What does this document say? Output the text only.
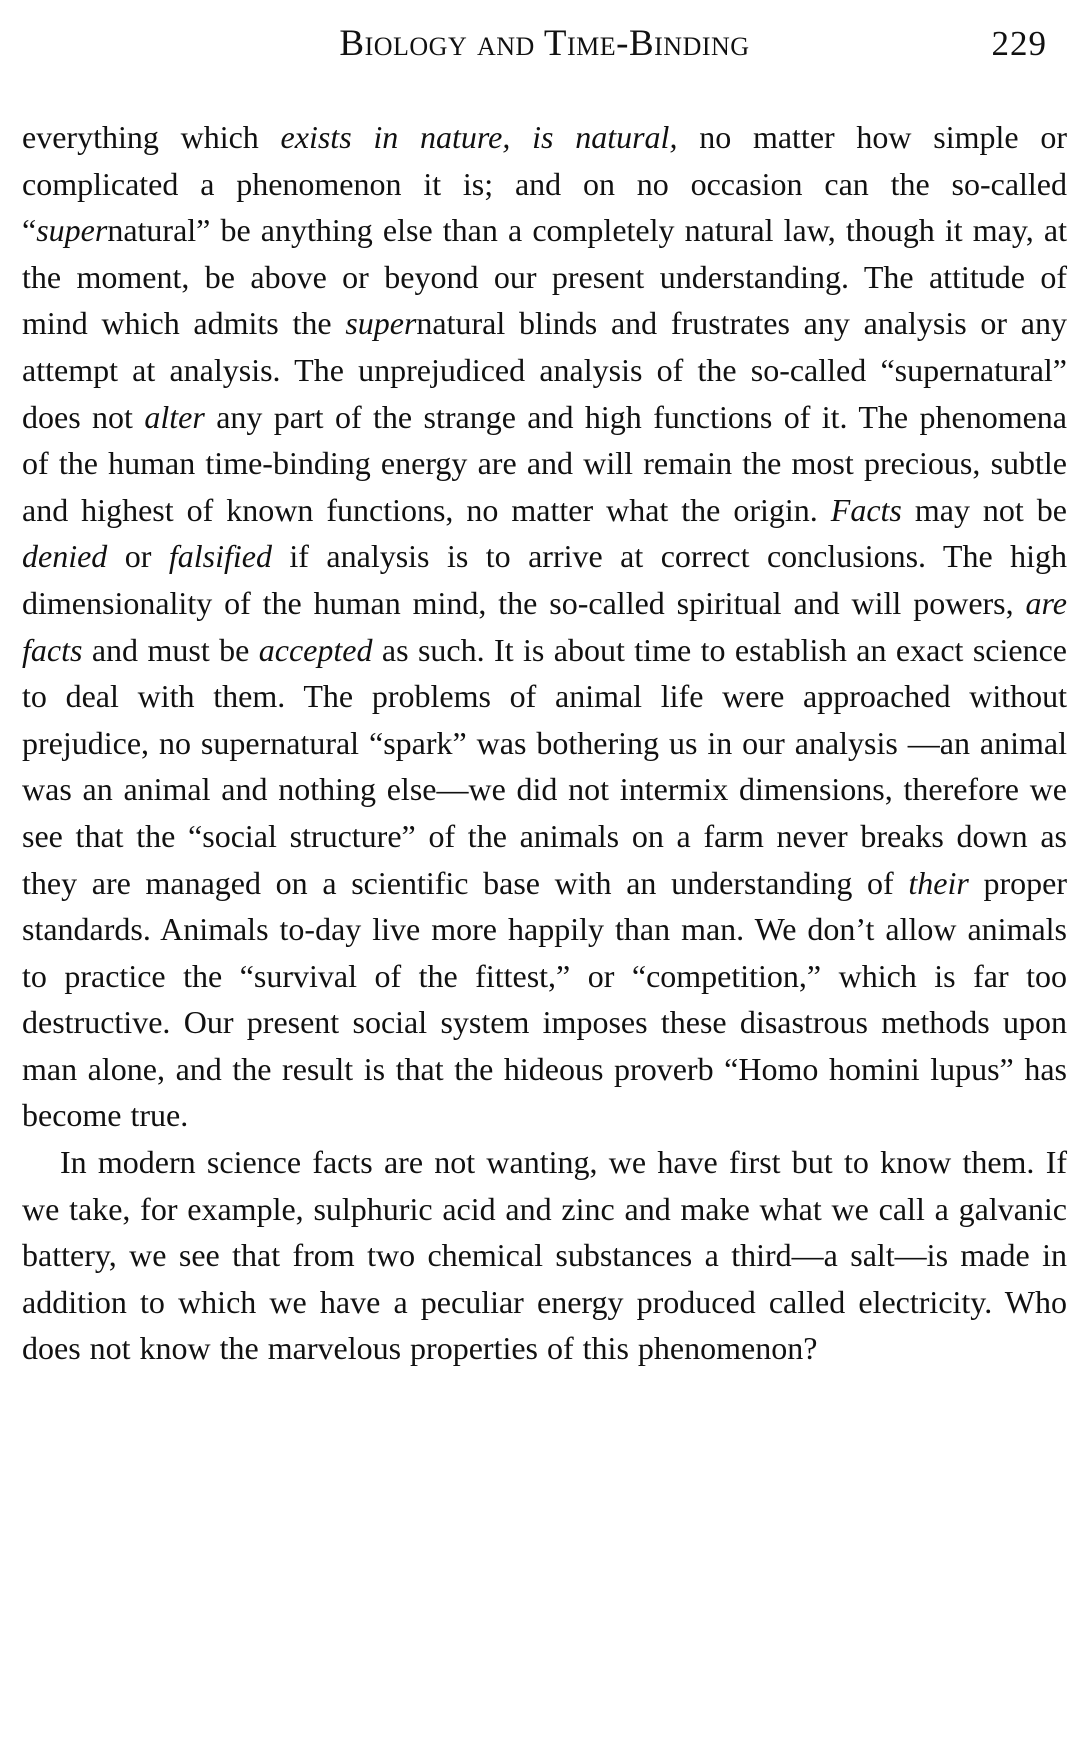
Biology and Time-Binding	229

everything which exists in nature, is natural, no matter how simple or complicated a phenomenon it is; and on no occasion can the so-called “supernatural” be anything else than a completely natural law, though it may, at the moment, be above or beyond our present understanding. The attitude of mind which admits the supernatural blinds and frustrates any analysis or any attempt at analysis. The unprejudiced analysis of the so-called “supernatural” does not alter any part of the strange and high functions of it. The phenomena of the human time-binding energy are and will remain the most precious, subtle and highest of known functions, no matter what the origin. Facts may not be denied or falsified if analysis is to arrive at correct conclusions. The high dimensionality of the human mind, the so-called spiritual and will powers, are facts and must be accepted as such. It is about time to establish an exact science to deal with them. The problems of animal life were approached without prejudice, no supernatural “spark” was bothering us in our analysis —an animal was an animal and nothing else—we did not intermix dimensions, therefore we see that the “social structure” of the animals on a farm never breaks down as they are managed on a scientific base with an understanding of their proper standards. Animals to-day live more happily than man. We don’t allow animals to practice the “survival of the fittest,” or “competition,” which is far too destructive. Our present social system imposes these disastrous methods upon man alone, and the result is that the hideous proverb “Homo homini lupus” has become true.

In modern science facts are not wanting, we have first but to know them. If we take, for example, sulphuric acid and zinc and make what we call a galvanic battery, we see that from two chemical substances a third—a salt—is made in addition to which we have a peculiar energy produced called electricity. Who does not know the marvelous properties of this phenomenon?
